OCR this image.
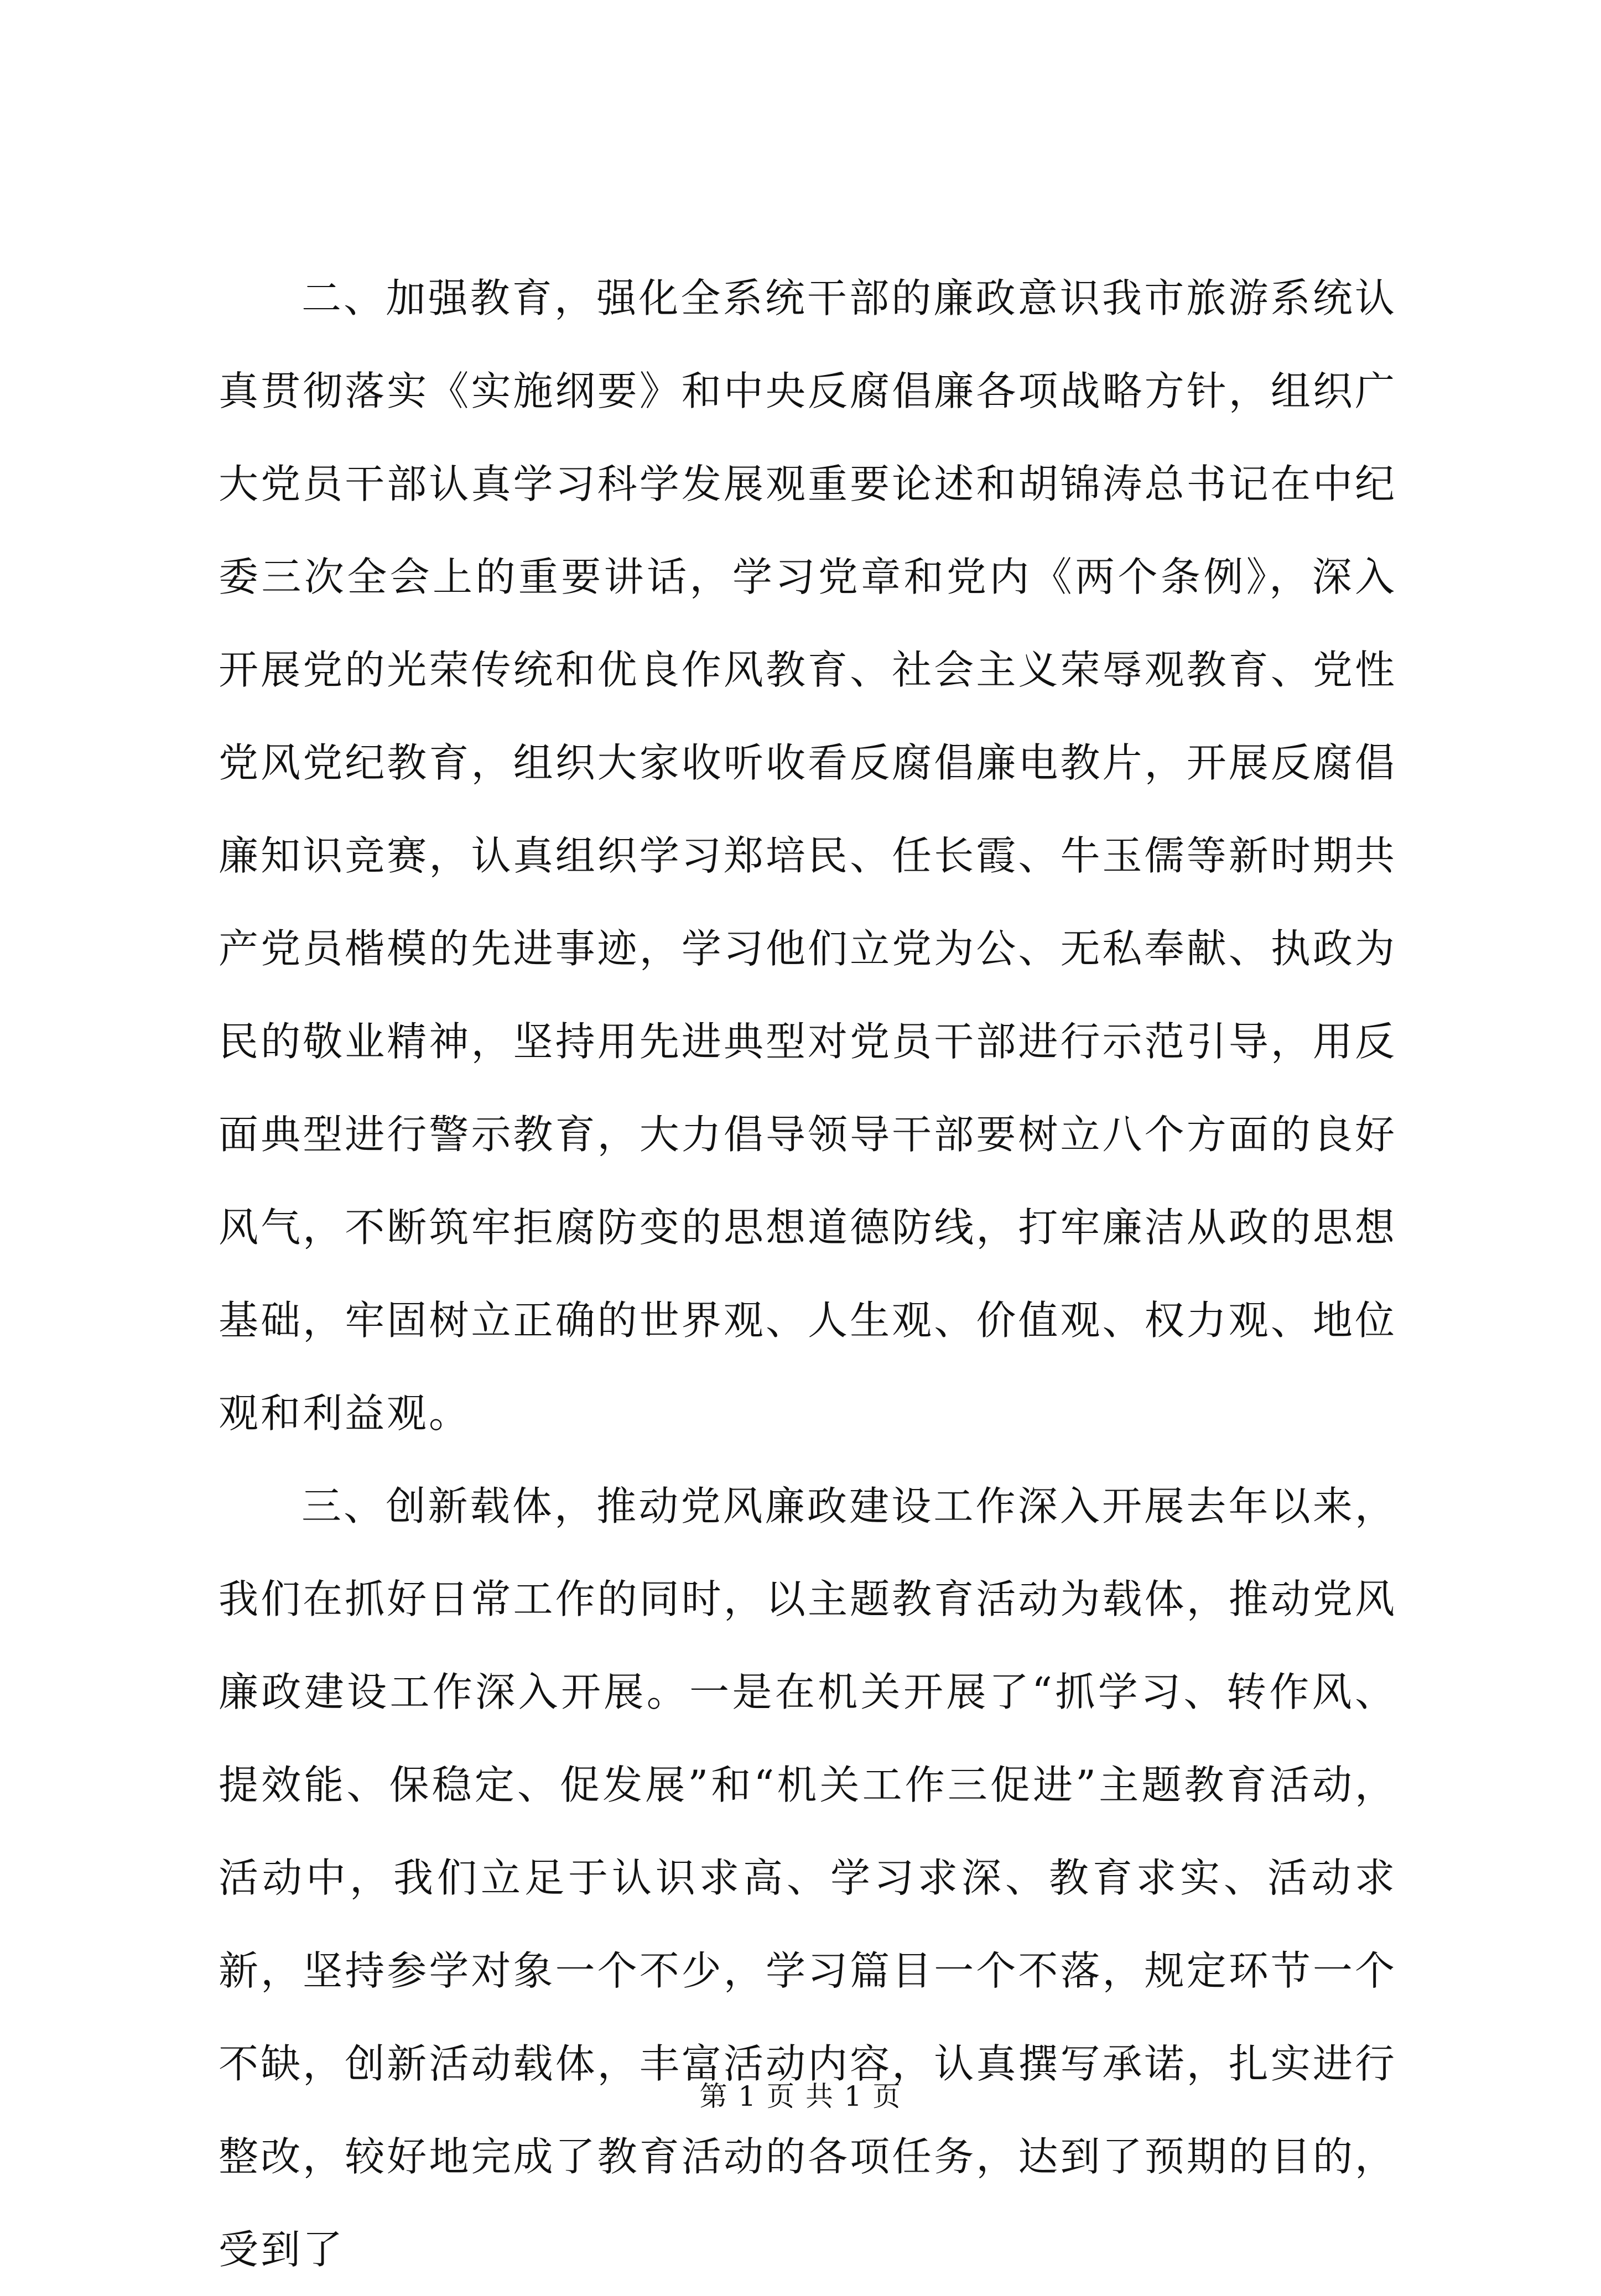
二、加强教育，强化全系统干部的廉政意识我市旅游系统认真贯彻落实《实施纲要》和中央反腐倡廉各项战略方针，组织广大党员干部认真学习科学发展观重要论述和胡锦涛总书记在中纪委三次全会上的重要讲话，学习党章和党内《两个条例》，深入开展党的光荣传统和优良作风教育、社会主义荣辱观教育、党性党风党纪教育，组织大家收听收看反腐倡廉电教片，开展反腐倡廉知识竞赛，认真组织学习郑培民、任长霞、牛玉儒等新时期共产党员楷模的先进事迹，学习他们立党为公、无私奉献、执政为民的敬业精神，坚持用先进典型对党员干部进行示范引导，用反面典型进行警示教育，大力倡导领导干部要树立八个方面的良好风气，不断筑牢拒腐防变的思想道德防线，打牢廉洁从政的思想基础，牢固树立正确的世界观、人生观、价值观、权力观、地位观和利益观。

三、创新载体，推动党风廉政建设工作深入开展去年以来，我们在抓好日常工作的同时，以主题教育活动为载体，推动党风廉政建设工作深入开展。一是在机关开展了“抓学习、转作风、提效能、保稳定、促发展”和“机关工作三促进”主题教育活动，活动中，我们立足于认识求高、学习求深、教育求实、活动求新，坚持参学对象一个不少，学习篇目一个不落，规定环节一个不缺，创新活动载体，丰富活动内容，认真撰写承诺，扎实进行整改，较好地完成了教育活动的各项任务，达到了预期的目的，受到了

第 1 页 共 1 页
